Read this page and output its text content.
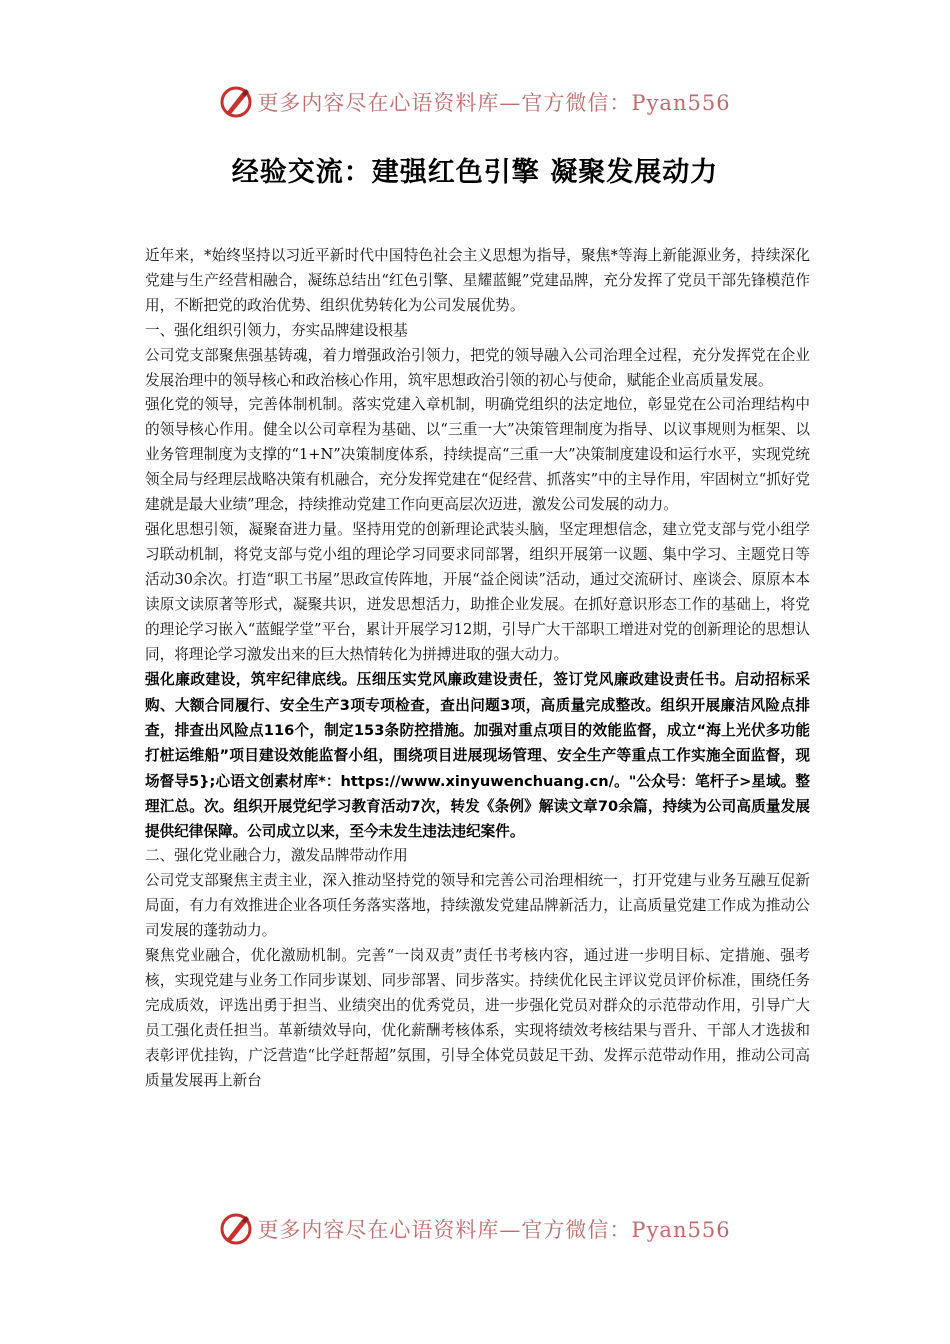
更多内容尽在心语资料库—官方微信：Pyan556
经验交流：建强红色引擎 凝聚发展动力

近年来，*始终坚持以习近平新时代中国特色社会主义思想为指导，聚焦*等海上新能源业务，持续深化党建与生产经营相融合，凝练总结出“红色引擎、星耀蓝鲲”党建品牌，充分发挥了党员干部先锋模范作用，不断把党的政治优势、组织优势转化为公司发展优势。

一、强化组织引领力，夯实品牌建设根基

公司党支部聚焦强基铸魂，着力增强政治引领力，把党的领导融入公司治理全过程，充分发挥党在企业发展治理中的领导核心和政治核心作用，筑牢思想政治引领的初心与使命，赋能企业高质量发展。

强化党的领导，完善体制机制。落实党建入章机制，明确党组织的法定地位，彰显党在公司治理结构中的领导核心作用。健全以公司章程为基础、以“三重一大”决策管理制度为指导、以议事规则为框架、以业务管理制度为支撑的“1+N”决策制度体系，持续提高“三重一大”决策制度建设和运行水平，实现党统领全局与经理层战略决策有机融合，充分发挥党建在“促经营、抓落实”中的主导作用，牢固树立“抓好党建就是最大业绩”理念，持续推动党建工作向更高层次迈进，激发公司发展的动力。

强化思想引领，凝聚奋进力量。坚持用党的创新理论武装头脑，坚定理想信念，建立党支部与党小组学习联动机制，将党支部与党小组的理论学习同要求同部署，组织开展第一议题、集中学习、主题党日等活动30余次。打造“职工书屋”思政宣传阵地，开展“益企阅读”活动，通过交流研讨、座谈会、原原本本读原文读原著等形式，凝聚共识，迸发思想活力，助推企业发展。在抓好意识形态工作的基础上，将党的理论学习嵌入“蓝鲲学堂”平台，累计开展学习12期，引导广大干部职工增进对党的创新理论的思想认同，将理论学习激发出来的巨大热情转化为拼搏进取的强大动力。

强化廉政建设，筑牢纪律底线。压细压实党风廉政建设责任，签订党风廉政建设责任书。启动招标采购、大额合同履行、安全生产3项专项检查，查出问题3项，高质量完成整改。组织开展廉洁风险点排查，排查出风险点116个，制定153条防控措施。加强对重点项目的效能监督，成立“海上光伏多功能打桩运维船”项目建设效能监督小组，围绕项目进展现场管理、安全生产等重点工作实施全面监督，现场督导5};心语文创素材库*：https://www.xinyuwenchuang.cn/。"公众号：笔杆子>星域。整理汇总。次。组织开展党纪学习教育活动7次，转发《条例》解读文章70余篇，持续为公司高质量发展提供纪律保障。公司成立以来，至今未发生违法违纪案件。

二、强化党业融合力，激发品牌带动作用

公司党支部聚焦主责主业，深入推动坚持党的领导和完善公司治理相统一，打开党建与业务互融互促新局面，有力有效推进企业各项任务落实落地，持续激发党建品牌新活力，让高质量党建工作成为推动公司发展的蓬勃动力。

聚焦党业融合，优化激励机制。完善“一岗双责”责任书考核内容，通过进一步明目标、定措施、强考核，实现党建与业务工作同步谋划、同步部署、同步落实。持续优化民主评议党员评价标准，围绕任务完成质效，评选出勇于担当、业绩突出的优秀党员，进一步强化党员对群众的示范带动作用，引导广大员工强化责任担当。革新绩效导向，优化薪酬考核体系，实现将绩效考核结果与晋升、干部人才选拔和表彰评优挂钩，广泛营造“比学赶帮超”氛围，引导全体党员鼓足干劲、发挥示范带动作用，推动公司高质量发展再上新台

更多内容尽在心语资料库—官方微信：Pyan556
